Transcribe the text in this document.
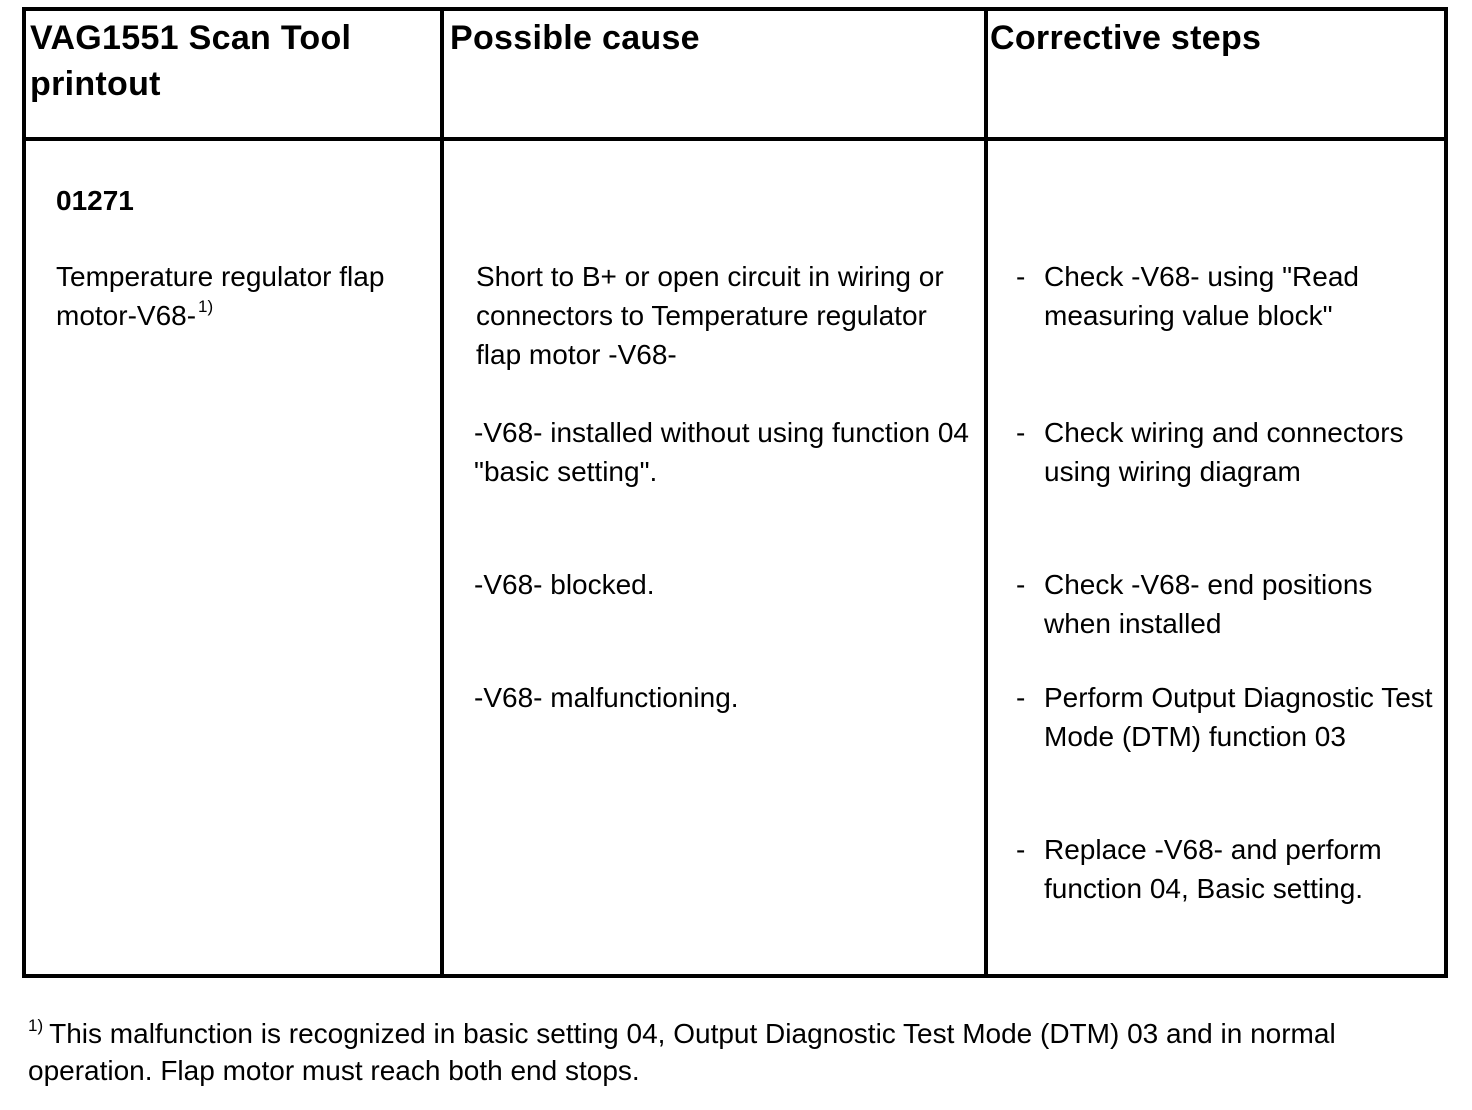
VAG1551 Scan Tool printout
Possible cause	Corrective steps
01271
Temperature regulator flap motor-V68- $^{1)}$
Short to B+ or open circuit in wiring or connectors to Temperature regulator flap motor -V68-
-V68- installed without using function 04 "basic setting".
-V68- blocked.
-V68- malfunctioning.
- Check -V68- using "Read measuring value block"
- Check wiring and connectors using wiring diagram
- Check -V68- end positions when installed
- Perform Output Diagnostic Test Mode (DTM) function 03
- Replace -V68- and perform function 04, Basic setting.
$^{1)}$ This malfunction is recognized in basic setting 04, Output Diagnostic Test Mode (DTM) 03 and in normal operation. Flap motor must reach both end stops.
